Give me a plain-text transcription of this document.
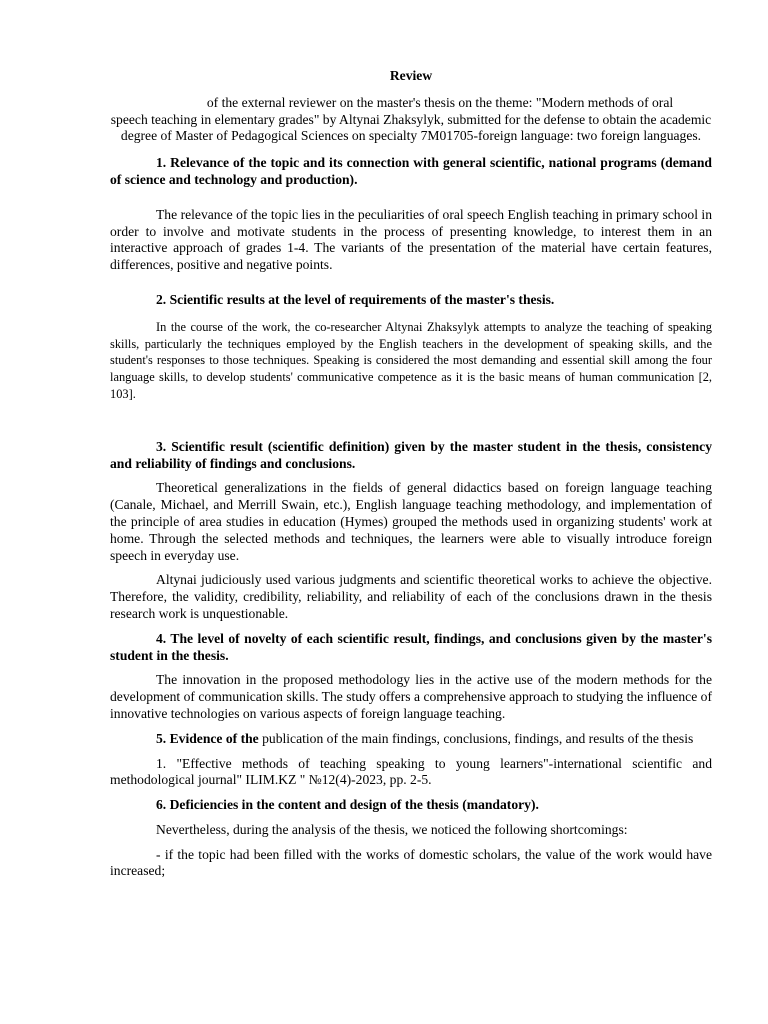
Review

of the external reviewer on the master's thesis on the theme: "Modern methods of oral

speech teaching in elementary grades" by Altynai Zhaksylyk, submitted for the defense to obtain the academic degree of Master of Pedagogical Sciences on specialty 7M01705-foreign language: two foreign languages.

1. Relevance of the topic and its connection with general scientific, national programs (demand of science and technology and production).

The relevance of the topic lies in the peculiarities of oral speech English teaching in primary school in order to involve and motivate students in the process of presenting knowledge, to interest them in an interactive approach of grades 1-4. The variants of the presentation of the material have certain features, differences, positive and negative points.

2. Scientific results at the level of requirements of the master's thesis.

In the course of the work, the co-researcher Altynai Zhaksylyk attempts to analyze the teaching of speaking skills, particularly the techniques employed by the English teachers in the development of speaking skills, and the student's responses to those techniques. Speaking is considered the most demanding and essential skill among the four language skills, to develop students' communicative competence as it is the basic means of human communication [2, 103].

3. Scientific result (scientific definition) given by the master student in the thesis, consistency and reliability of findings and conclusions.

Theoretical generalizations in the fields of general didactics based on foreign language teaching (Canale, Michael, and Merrill Swain, etc.), English language teaching methodology, and implementation of the principle of area studies in education (Hymes) grouped the methods used in organizing students' work at home. Through the selected methods and techniques, the learners were able to visually introduce foreign speech in everyday use.

Altynai judiciously used various judgments and scientific theoretical works to achieve the objective. Therefore, the validity, credibility, reliability, and reliability of each of the conclusions drawn in the thesis research work is unquestionable.

4. The level of novelty of each scientific result, findings, and conclusions given by the master's student in the thesis.

The innovation in the proposed methodology lies in the active use of the modern methods for the development of communication skills. The study offers a comprehensive approach to studying the influence of innovative technologies on various aspects of foreign language teaching.

5. Evidence of the publication of the main findings, conclusions, findings, and results of the thesis

1. "Effective methods of teaching speaking to young learners"-international scientific and methodological journal" ILIM.KZ " №12(4)-2023, pp. 2-5.

6. Deficiencies in the content and design of the thesis (mandatory).

Nevertheless, during the analysis of the thesis, we noticed the following shortcomings:

- if the topic had been filled with the works of domestic scholars, the value of the work would have increased;
